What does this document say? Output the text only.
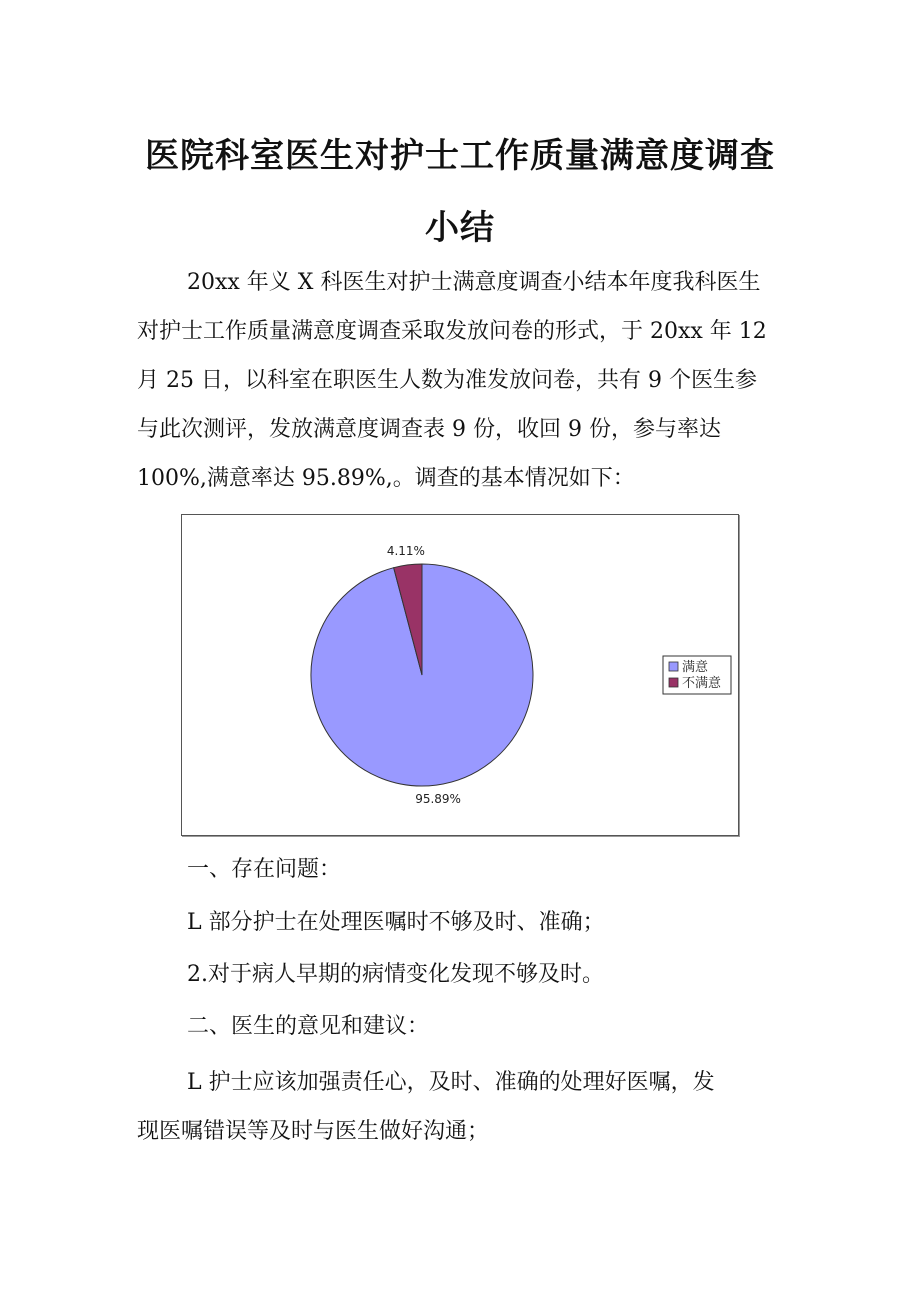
医院科室医生对护士工作质量满意度调查
小结

20xx 年义 X 科医生对护士满意度调查小结本年度我科医生

对护士工作质量满意度调查采取发放问卷的形式，于 20xx 年 12

月 25 日，以科室在职医生人数为准发放问卷，共有 9 个医生参

与此次测评，发放满意度调查表 9 份，收回 9 份，参与率达

100%,满意率达 95.89%,。调查的基本情况如下：

95.89%
4.11%
满意
不满意

一、存在问题：

L 部分护士在处理医嘱时不够及时、准确；

2.对于病人早期的病情变化发现不够及时。

二、医生的意见和建议：

L 护士应该加强责任心，及时、准确的处理好医嘱，发

现医嘱错误等及时与医生做好沟通；
